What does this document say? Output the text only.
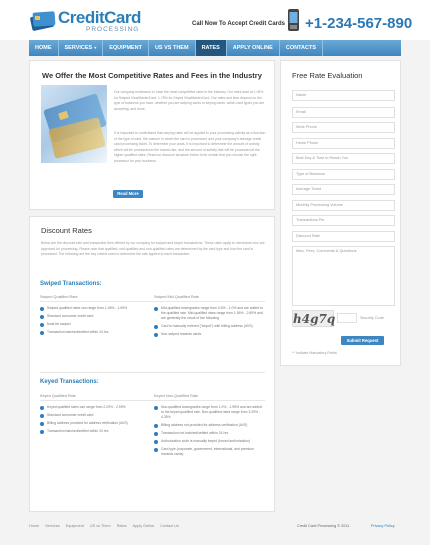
CreditCard
PROCESSING
Call Now To Accept Credit Cards +1-234-567-890
HOME SERVICES ▾ EQUIPMENT US VS THEM RATES APPLY ONLINE CONTACTS
We Offer the Most Competitive Rates and Fees in the Industry
Our company endeavors to have the most competitive rates in the industry. Our rates start at 1.06% for Swiped Visa/MasterCard, 1.75% for Keyed Visa/MasterCard. Our rates and fees depend on the type of business you have, whether you are swiping cards or keying cards, which card types you are accepting, and more.
It is important to understand that varying rates will be applied to your processing activity as a function of the type of card, the manner in which the card is processed, and your company's average credit card processing ticket. To determine your costs, it is important to determine the amount of activity which will be processed at the lowest rate, and the amount of activity that will be processed at the higher qualified rates. Read our discount structure below to be certain that you choose the right processor for your business.
Read More
Free Rate Evaluation
Name
Email
Work Phone
Home Phone
Best Day & Time to Reach You
Type of Business
Average Ticket
Monthly Processing Volume
Transactions Per
Discount Rate
Misc. Fees, Comments & Questions
h4g7q	Security Code
Submit Request
** Indicate Mandatory Fields
Discount Rates
Below are the discount rate and transaction fees offered by our company for swiped and keyed transactions. These rates apply to merchants who are approved for processing. Please note that qualified, mid-qualified and non-qualified rates are determined by the card type and how the card is processed. The following are the key criteria used to determine the rate applied to each transaction.
Swiped Transactions:
Swiped Qualified Rate	Swiped Mid-Qualified Rate
Swiped qualified rates can range from 1.06% - 1.69%
Standard consumer credit card
Must be swiped
Transaction batched/settled within 24 hrs
Mid-qualified downgrades range from 0.5% - 1.0% and are added to the qualified rate. Mid-qualified rates range from 1.56% - 2.69% and are generally the result of the following
Card is manually entered ("keyed") with billing address (AVS)
Non-swiped rewards cards
Keyed Transactions:
Keyed Qualified Rate	Keyed Non-Qualified Rate
Keyed qualified rates can range from 2.29% - 2.59%
Standard consumer credit card
Billing address provided for address verification (AVS)
Transaction batched/settled within 24 hrs
Non-qualified downgrades range from 1.0% - 1.95% and are added to the keyed qualified rate. Non-qualified rates range from 3.29% - 4.35%
Billing address not provided for address verification (AVS)
Transaction not batched/settled within 24 hrs
Authorization code is manually keyed (forced authorization)
Card type (corporate, government, international, and premium rewards cards)
Home Services Equipment US vs Them Rates Apply Online Contact Us	Credit Card Processing © 2011	Privacy Policy
